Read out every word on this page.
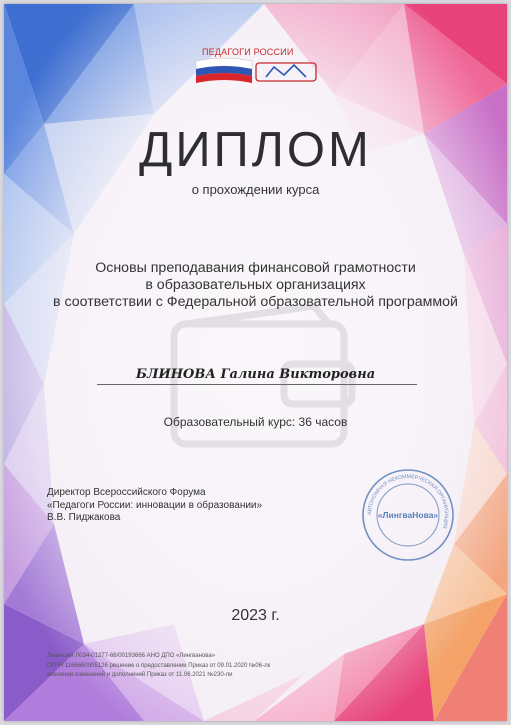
ПЕДАГОГИ РОССИИ
ДИПЛОМ
о прохождении курса
Основы преподавания финансовой грамотности
в образовательных организациях
в соответствии с Федеральной образовательной программой
БЛИНОВА Галина Викторовна
Образовательный курс: 36 часов
Директор Всероссийского Форума
«Педагоги России: инновации в образовании»
В.В. Пиджакова	АВТОНОМНАЯ НЕКОММЕРЧЕСКАЯ ОРГАНИЗАЦИЯ
«ЛингваНова»
2023 г.
Лицензия Л034-01277-66/00193666 АНО ДПО «Лингванова»
ОГРН 1166660005126 решение о предоставлении Приказ от 09.01.2020 №06-лк
внесении изменений и дополнений Приказ от 11.06.2021 №230-ли
